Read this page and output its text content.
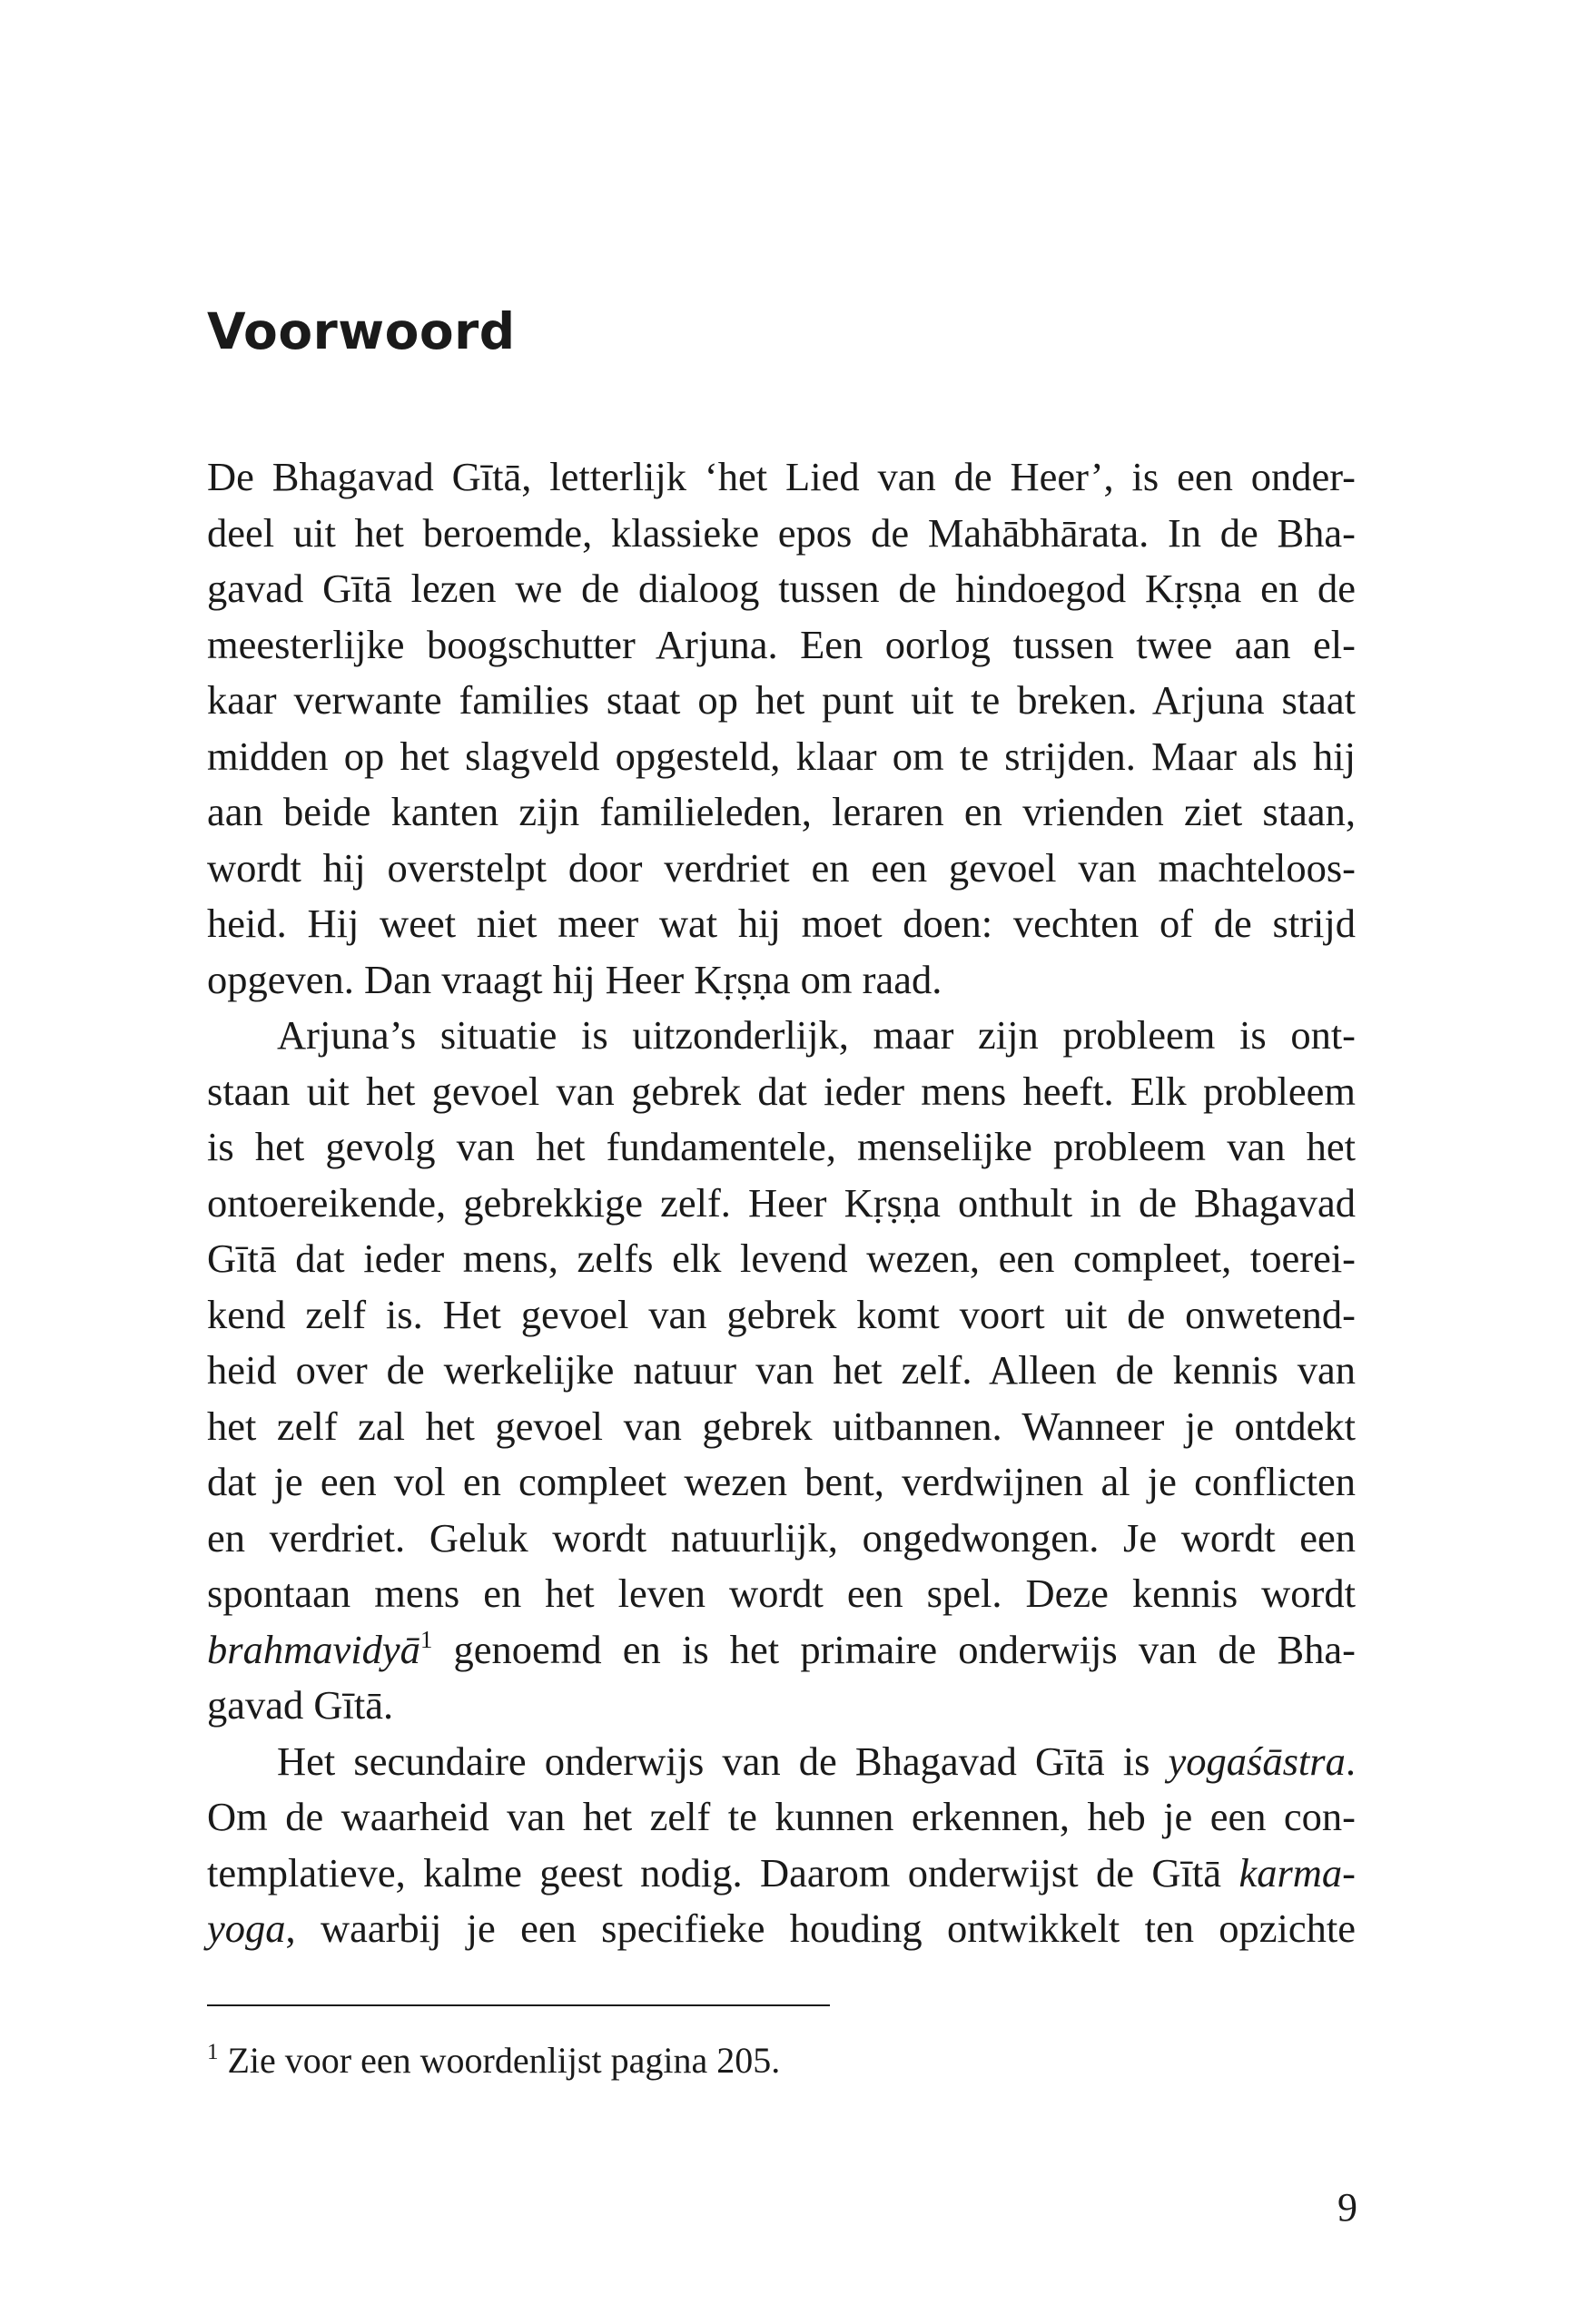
Voorwoord
De Bhagavad Gītā, letterlijk ‘het Lied van de Heer’, is een onder-
deel uit het beroemde, klassieke epos de Mahābhārata. In de Bha-
gavad Gītā lezen we de dialoog tussen de hindoegod Kṛṣṇa en de
meesterlijke boogschutter Arjuna. Een oorlog tussen twee aan el-
kaar verwante families staat op het punt uit te breken. Arjuna staat
midden op het slagveld opgesteld, klaar om te strijden. Maar als hij
aan beide kanten zijn familieleden, leraren en vrienden ziet staan,
wordt hij overstelpt door verdriet en een gevoel van machteloos-
heid. Hij weet niet meer wat hij moet doen: vechten of de strijd
opgeven. Dan vraagt hij Heer Kṛṣṇa om raad.
Arjuna’s situatie is uitzonderlijk, maar zijn probleem is ont-
staan uit het gevoel van gebrek dat ieder mens heeft. Elk probleem
is het gevolg van het fundamentele, menselijke probleem van het
ontoereikende, gebrekkige zelf. Heer Kṛṣṇa onthult in de Bhagavad
Gītā dat ieder mens, zelfs elk levend wezen, een compleet, toerei-
kend zelf is. Het gevoel van gebrek komt voort uit de onwetend-
heid over de werkelijke natuur van het zelf. Alleen de kennis van
het zelf zal het gevoel van gebrek uitbannen. Wanneer je ontdekt
dat je een vol en compleet wezen bent, verdwijnen al je conflicten
en verdriet. Geluk wordt natuurlijk, ongedwongen. Je wordt een
spontaan mens en het leven wordt een spel. Deze kennis wordt
brahmavidyā$^1$ genoemd en is het primaire onderwijs van de Bha-
gavad Gītā.
Het secundaire onderwijs van de Bhagavad Gītā is yogaśāstra.
Om de waarheid van het zelf te kunnen erkennen, heb je een con-
templatieve, kalme geest nodig. Daarom onderwijst de Gītā karma-
yoga, waarbij je een specifieke houding ontwikkelt ten opzichte
$^1$ Zie voor een woordenlijst pagina 205.
9
